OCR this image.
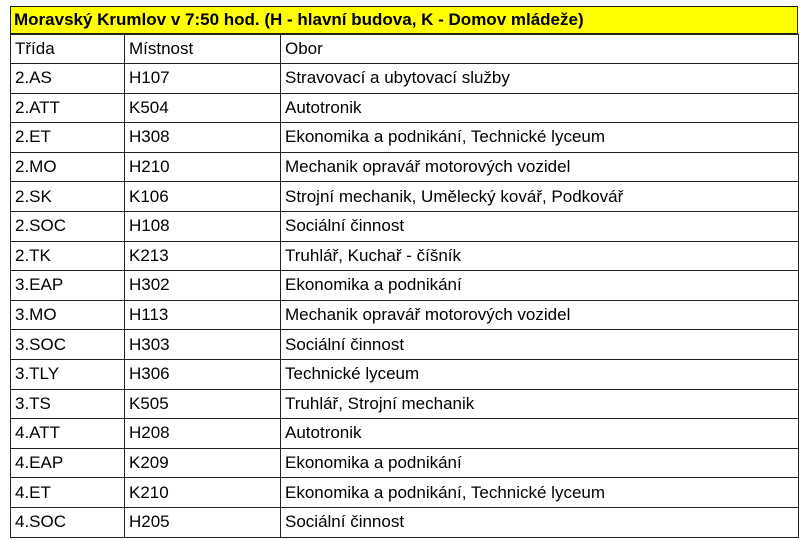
Moravský Krumlov v 7:50 hod. (H - hlavní budova, K - Domov mládeže)
Třída	Místnost	Obor
2.AS	H107	Stravovací a ubytovací služby
2.ATT	K504	Autotronik
2.ET	H308	Ekonomika a podnikání, Technické lyceum
2.MO	H210	Mechanik opravář motorových vozidel
2.SK	K106	Strojní mechanik, Umělecký kovář, Podkovář
2.SOC	H108	Sociální činnost
2.TK	K213	Truhlář, Kuchař - číšník
3.EAP	H302	Ekonomika a podnikání
3.MO	H113	Mechanik opravář motorových vozidel
3.SOC	H303	Sociální činnost
3.TLY	H306	Technické lyceum
3.TS	K505	Truhlář, Strojní mechanik
4.ATT	H208	Autotronik
4.EAP	K209	Ekonomika a podnikání
4.ET	K210	Ekonomika a podnikání, Technické lyceum
4.SOC	H205	Sociální činnost
